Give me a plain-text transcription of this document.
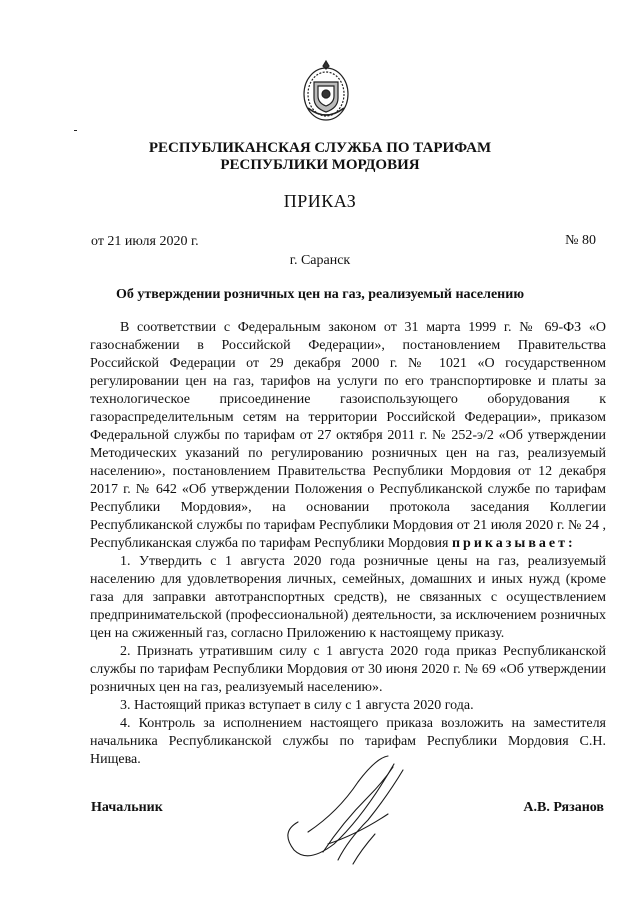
РЕСПУБЛИКАНСКАЯ СЛУЖБА ПО ТАРИФАМ
РЕСПУБЛИКИ МОРДОВИЯ
ПРИКАЗ
от 21 июля 2020 г.	№ 80
г. Саранск
Об утверждении розничных цен на газ, реализуемый населению
В соответствии с Федеральным законом от 31 марта 1999 г. № 69-ФЗ «О газоснабжении в Российской Федерации», постановлением Правительства Российской Федерации от 29 декабря 2000 г. № 1021 «О государственном регулировании цен на газ, тарифов на услуги по его транспортировке и платы за технологическое присоединение газоиспользующего оборудования к газораспределительным сетям на территории Российской Федерации», приказом Федеральной службы по тарифам от 27 октября 2011 г. № 252-э/2 «Об утверждении Методических указаний по регулированию розничных цен на газ, реализуемый населению», постановлением Правительства Республики Мордовия от 12 декабря 2017 г. № 642 «Об утверждении Положения о Республиканской службе по тарифам Республики Мордовия», на основании протокола заседания Коллегии Республиканской службы по тарифам Республики Мордовия от 21 июля 2020 г. № 24 , Республиканская служба по тарифам Республики Мордовия приказывает:

1. Утвердить с 1 августа 2020 года розничные цены на газ, реализуемый населению для удовлетворения личных, семейных, домашних и иных нужд (кроме газа для заправки автотранспортных средств), не связанных с осуществлением предпринимательской (профессиональной) деятельности, за исключением розничных цен на сжиженный газ, согласно Приложению к настоящему приказу.

2. Признать утратившим силу с 1 августа 2020 года приказ Республиканской службы по тарифам Республики Мордовия от 30 июня 2020 г. № 69 «Об утверждении розничных цен на газ, реализуемый населению».

3. Настоящий приказ вступает в силу с 1 августа 2020 года.

4. Контроль за исполнением настоящего приказа возложить на заместителя начальника Республиканской службы по тарифам Республики Мордовия С.Н. Нищева.

Начальник	А.В. Рязанов
